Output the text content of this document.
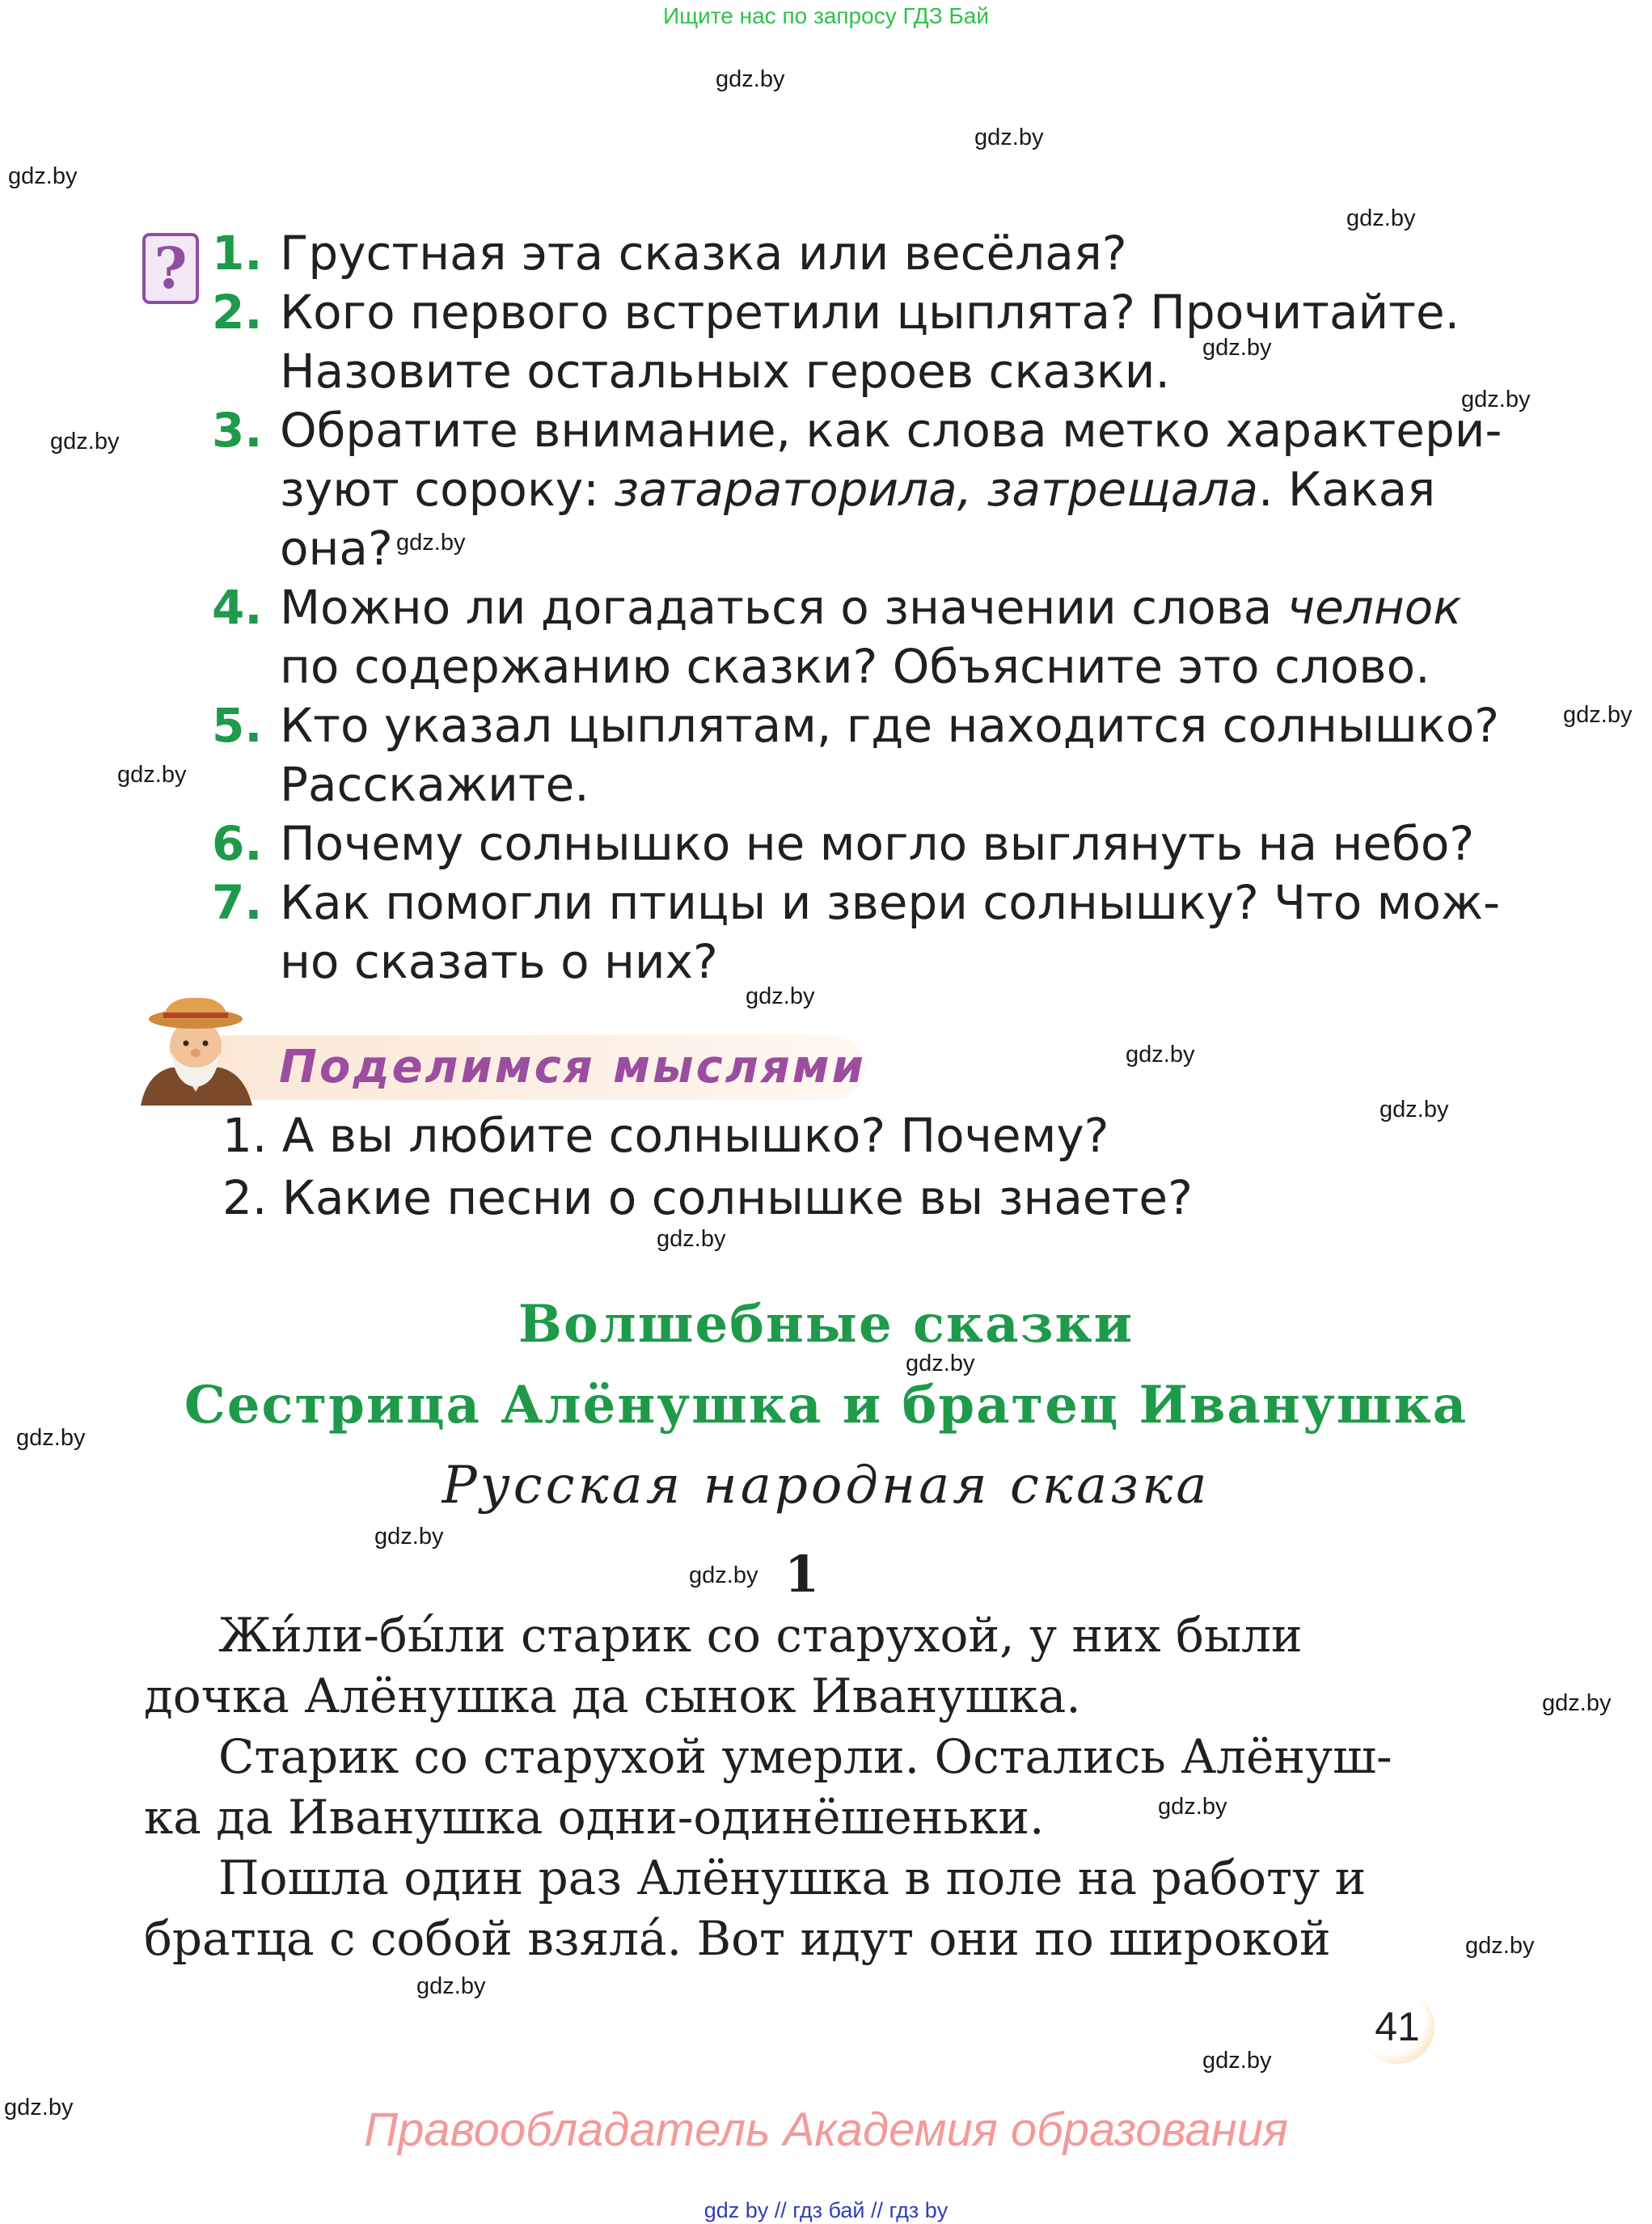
Ищите нас по запросу ГДЗ Бай
gdz.by
gdz.by
gdz.by
gdz.by
gdz.by
gdz.by
gdz.by
gdz.by
gdz.by
gdz.by
gdz.by
gdz.by
gdz.by
gdz.by
gdz.by
gdz.by
gdz.by
gdz.by
gdz.by
gdz.by
gdz.by
gdz.by
gdz.by
gdz.by
? 1. Грустная эта сказка или весёлая?
2. Кого первого встретили цыплята? Прочитайте.
Назовите остальных героев сказки.
3. Обратите внимание, как слова метко характери-
зуют сороку: затараторила, затрещала. Какая
она?
4. Можно ли догадаться о значении слова челнок
по содержанию сказки? Объясните это слово.
5. Кто указал цыплятам, где находится солнышко?
Расскажите.
6. Почему солнышко не могло выглянуть на небо?
7. Как помогли птицы и звери солнышку? Что мож-
но сказать о них?
Поделимся мыслями
1. А вы любите солнышко? Почему?
2. Какие песни о солнышке вы знаете?
Волшебные сказки
Сестрица Алёнушка и братец Иванушка
Русская народная сказка
1
Жи́ли-бы́ли старик со старухой, у них были
дочка Алёнушка да сынок Иванушка.
Старик со старухой умерли. Остались Алёнуш-
ка да Иванушка одни-одинёшеньки.
Пошла один раз Алёнушка в поле на работу и
братца с собой взяла́. Вот идут они по широкой
41
Правообладатель Академия образования
gdz by // гдз бай // гдз by
